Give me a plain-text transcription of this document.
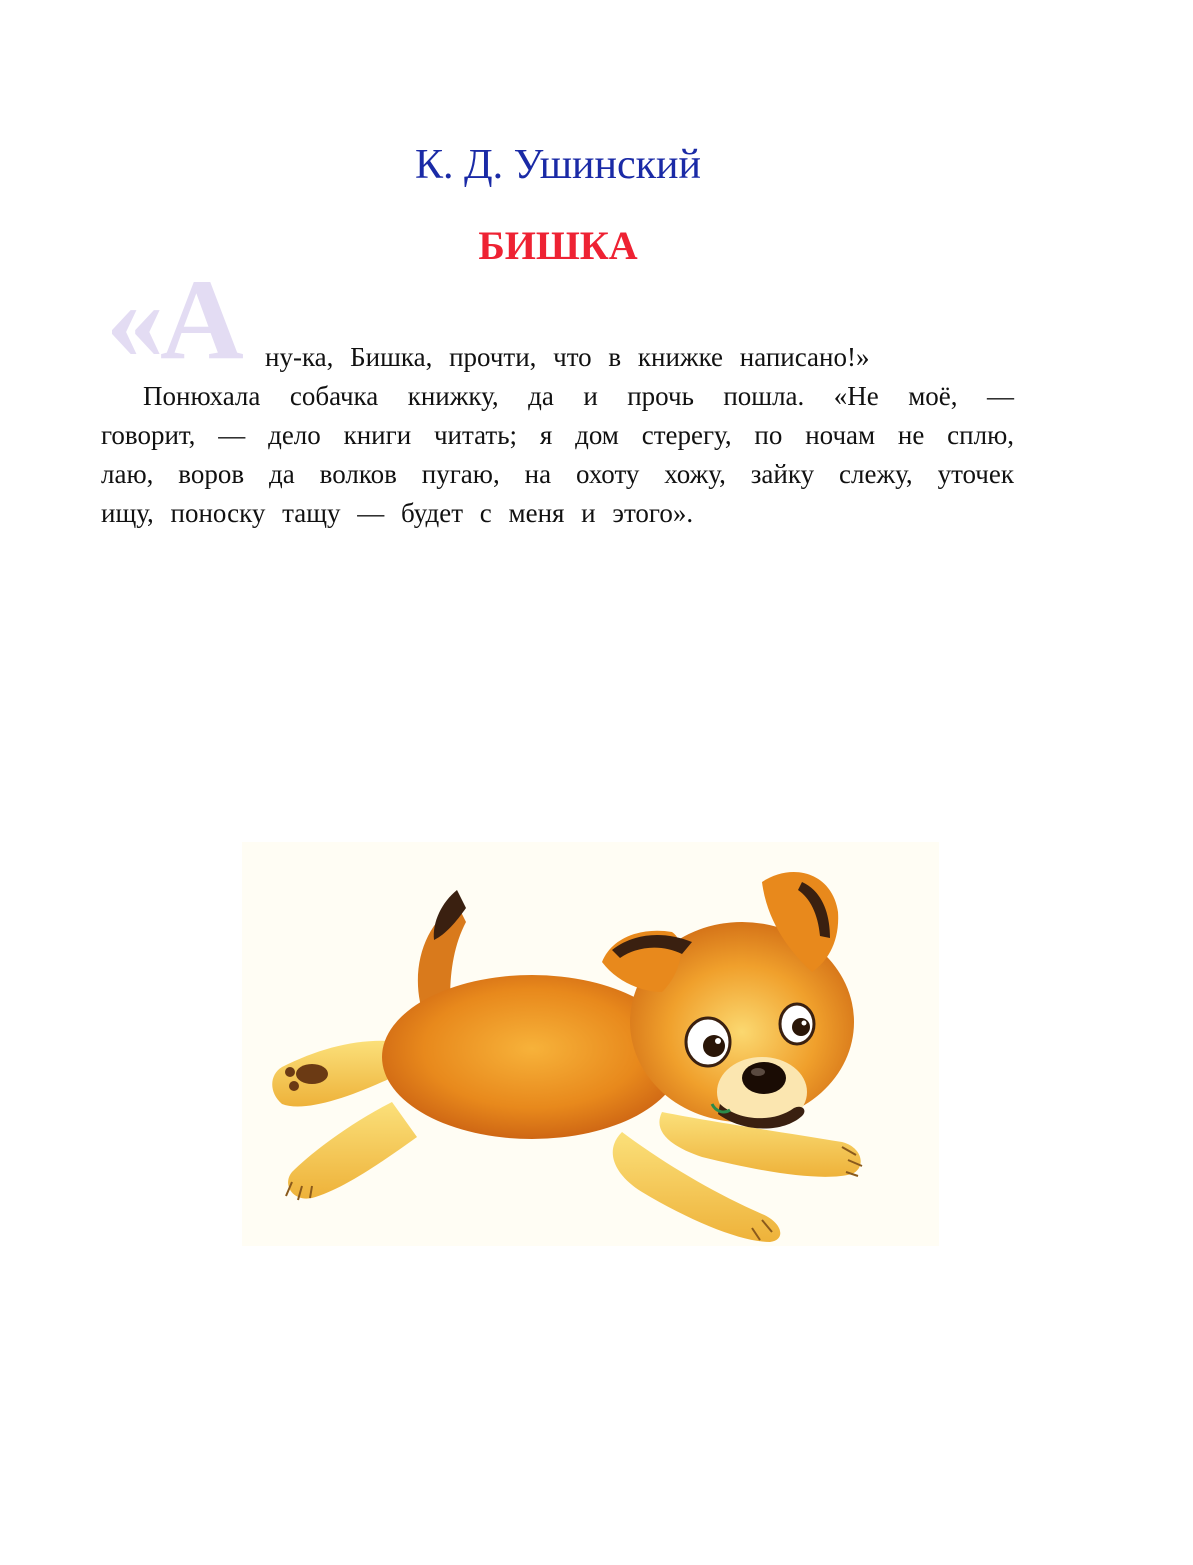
К. Д. Ушинский
БИШКА
«А ну-ка, Бишка, прочти, что в книжке написано!»
Понюхала собачка книжку, да и прочь пошла. «Не моё, —
говорит, — дело книги читать; я дом стерегу, по ночам не сплю,
лаю, воров да волков пугаю, на охоту хожу, зайку слежу, уточек
ищу, поноску тащу — будет с меня и этого».
